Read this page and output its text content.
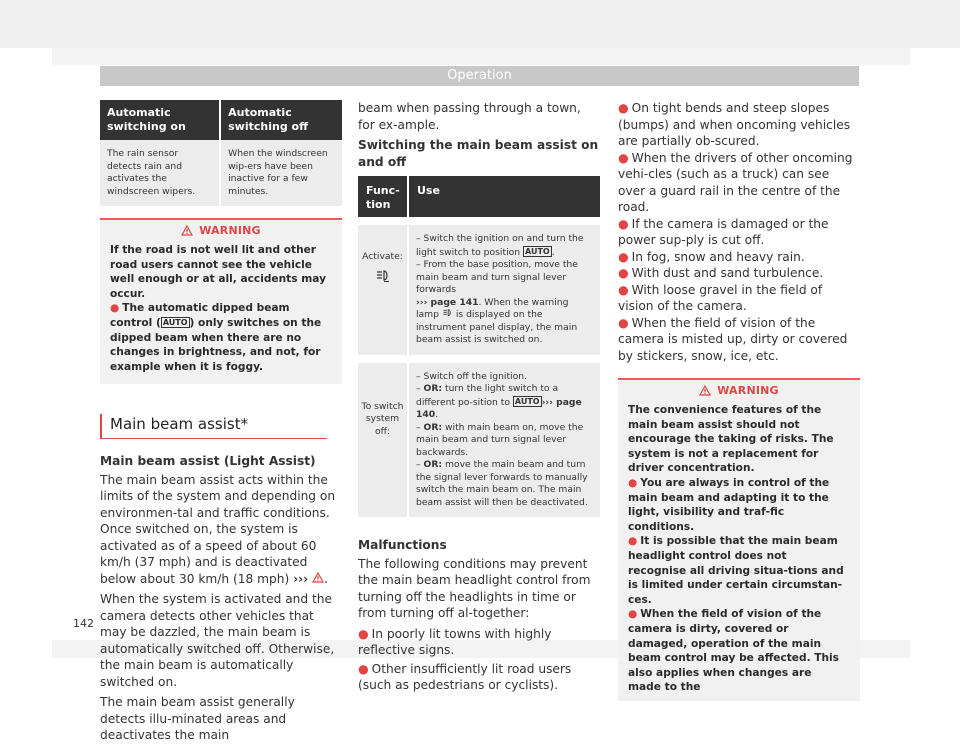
Operation
Automatic switching on	Automatic switching off
The rain sensor detects rain and activates the windscreen wipers.	When the windscreen wip-ers have been inactive for a few minutes.
WARNING
If the road is not well lit and other road users cannot see the vehicle well enough or at all, accidents may occur.
● The automatic dipped beam control ( AUTO ) only switches on the dipped beam when there are no changes in brightness, and not, for example when it is foggy.
Main beam assist*
Main beam assist (Light Assist)
The main beam assist acts within the limits of the system and depending on environmen-tal and traffic conditions. Once switched on, the system is activated as of a speed of about 60 km/h (37 mph) and is deactivated below about 30 km/h (18 mph) ››› .
When the system is activated and the camera detects other vehicles that may be dazzled, the main beam is automatically switched off. Otherwise, the main beam is automatically switched on.
The main beam assist generally detects illu-minated areas and deactivates the main
beam when passing through a town, for ex-ample.
Switching the main beam assist on and off
Func-tion	Use

Activate:	– Switch the ignition on and turn the light switch to position AUTO .
– From the base position, move the main beam and turn signal lever forwards
››› page 141. When the warning lamp is displayed on the instrument panel display, the main beam assist is switched on.
To switch system off:	– Switch off the ignition.
– OR: turn the light switch to a different po-sition to AUTO ››› page 140.
– OR: with main beam on, move the main beam and turn signal lever backwards.
– OR: move the main beam and turn the signal lever forwards to manually switch the main beam on. The main beam assist will then be deactivated.
Malfunctions
The following conditions may prevent the main beam headlight control from turning off the headlights in time or from turning off al-together:
● In poorly lit towns with highly reflective signs.
● Other insufficiently lit road users (such as pedestrians or cyclists).
● On tight bends and steep slopes (bumps) and when oncoming vehicles are partially ob-scured.
● When the drivers of other oncoming vehi-cles (such as a truck) can see over a guard rail in the centre of the road.
● If the camera is damaged or the power sup-ply is cut off.
● In fog, snow and heavy rain.
● With dust and sand turbulence.
● With loose gravel in the field of vision of the camera.
● When the field of vision of the camera is misted up, dirty or covered by stickers, snow, ice, etc.
WARNING
The convenience features of the main beam assist should not encourage the taking of risks. The system is not a replacement for driver concentration.
● You are always in control of the main beam and adapting it to the light, visibility and traf-fic conditions.
● It is possible that the main beam headlight control does not recognise all driving situa-tions and is limited under certain circumstan-ces.
● When the field of vision of the camera is dirty, covered or damaged, operation of the main beam control may be affected. This also applies when changes are made to the
142
